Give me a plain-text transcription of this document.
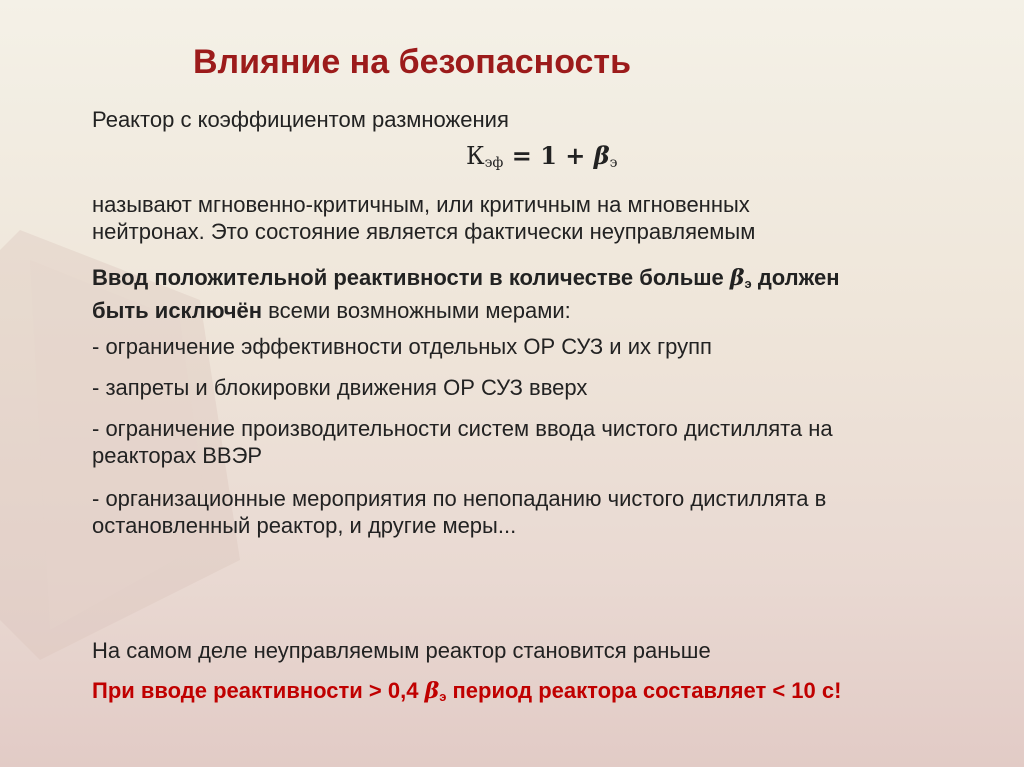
Влияние на безопасность

Реактор с коэффициентом размножения

$К_{эф} = 1 + \beta_э$

называют мгновенно-критичным, или критичным на мгновенных
нейтронах. Это состояние является фактически неуправляемым

Ввод положительной реактивности в количестве больше βэ должен
быть исключён всеми возмножными мерами:

- ограничение эффективности отдельных ОР СУЗ и их групп

- запреты и блокировки движения ОР СУЗ вверх

- ограничение производительности систем ввода чистого дистиллята на
реакторах ВВЭР

- организационные мероприятия по непопаданию чистого дистиллята в
остановленный реактор, и другие меры...

На самом деле неуправляемым реактор становится раньше

При вводе реактивности > 0,4 βэ период реактора составляет < 10 с!
